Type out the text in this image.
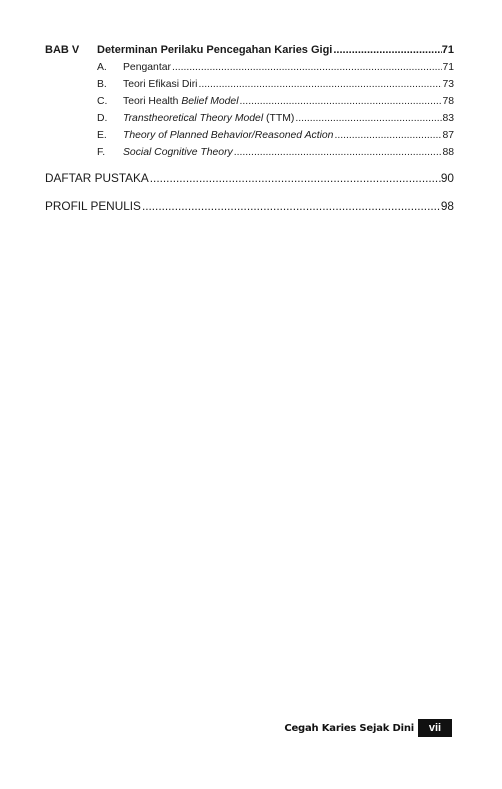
BAB V	Determinan Perilaku Pencegahan Karies Gigi .....	71
A.	Pengantar .....	71
B.	Teori Efikasi Diri .....	73
C.	Teori Health Belief Model .....	78
D.	Transtheoretical Theory Model (TTM) .....	83
E.	Theory of Planned Behavior/Reasoned Action .....	87
F.	Social Cognitive Theory .....	88
DAFTAR PUSTAKA .....	90
PROFIL PENULIS .....	98
Cegah Karies Sejak Dini	vii
